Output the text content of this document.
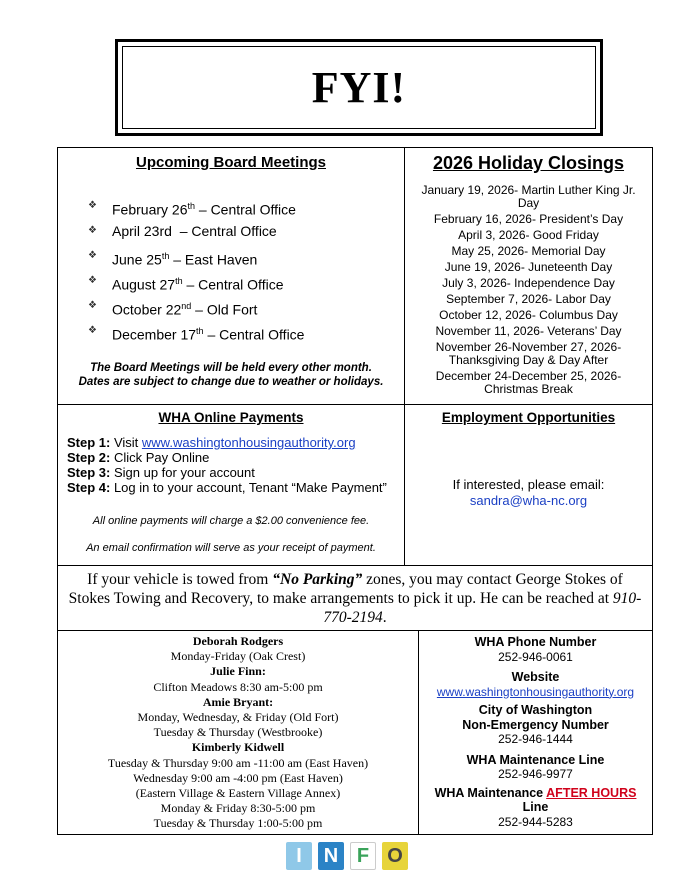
FYI!
Upcoming Board Meetings
❖ February 26th – Central Office
❖ April 23rd  – Central Office
❖ June 25th – East Haven
❖ August 27th – Central Office
❖ October 22nd – Old Fort
❖ December 17th – Central Office
The Board Meetings will be held every other month.
Dates are subject to change due to weather or holidays.
2026 Holiday Closings
January 19, 2026- Martin Luther King Jr. Day
February 16, 2026- President’s Day
April 3, 2026- Good Friday
May 25, 2026- Memorial Day
June 19, 2026- Juneteenth Day
July 3, 2026- Independence Day
September 7, 2026- Labor Day
October 12, 2026- Columbus Day
November 11, 2026- Veterans’ Day
November 26-November 27, 2026- Thanksgiving Day & Day After
December 24-December 25, 2026- Christmas Break
WHA Online Payments
Step 1: Visit www.washingtonhousingauthority.org
Step 2: Click Pay Online
Step 3: Sign up for your account
Step 4: Log in to your account, Tenant “Make Payment”
All online payments will charge a $2.00 convenience fee.
An email confirmation will serve as your receipt of payment.
Employment Opportunities
If interested, please email:
sandra@wha-nc.org
If your vehicle is towed from “No Parking” zones, you may contact George Stokes of Stokes Towing and Recovery, to make arrangements to pick it up. He can be reached at 910-770-2194.
Deborah Rodgers
Monday-Friday (Oak Crest)
Julie Finn:
Clifton Meadows 8:30 am-5:00 pm
Amie Bryant:
Monday, Wednesday, & Friday (Old Fort)
Tuesday & Thursday (Westbrooke)
Kimberly Kidwell
Tuesday & Thursday 9:00 am -11:00 am (East Haven)
Wednesday 9:00 am -4:00 pm (East Haven)
(Eastern Village & Eastern Village Annex)
Monday & Friday 8:30-5:00 pm
Tuesday & Thursday 1:00-5:00 pm
WHA Phone Number
252-946-0061
Website
www.washingtonhousingauthority.org
City of Washington
Non-Emergency Number
252-946-1444
WHA Maintenance Line
252-946-9977
WHA Maintenance AFTER HOURS
Line
252-944-5283
I	N F O
